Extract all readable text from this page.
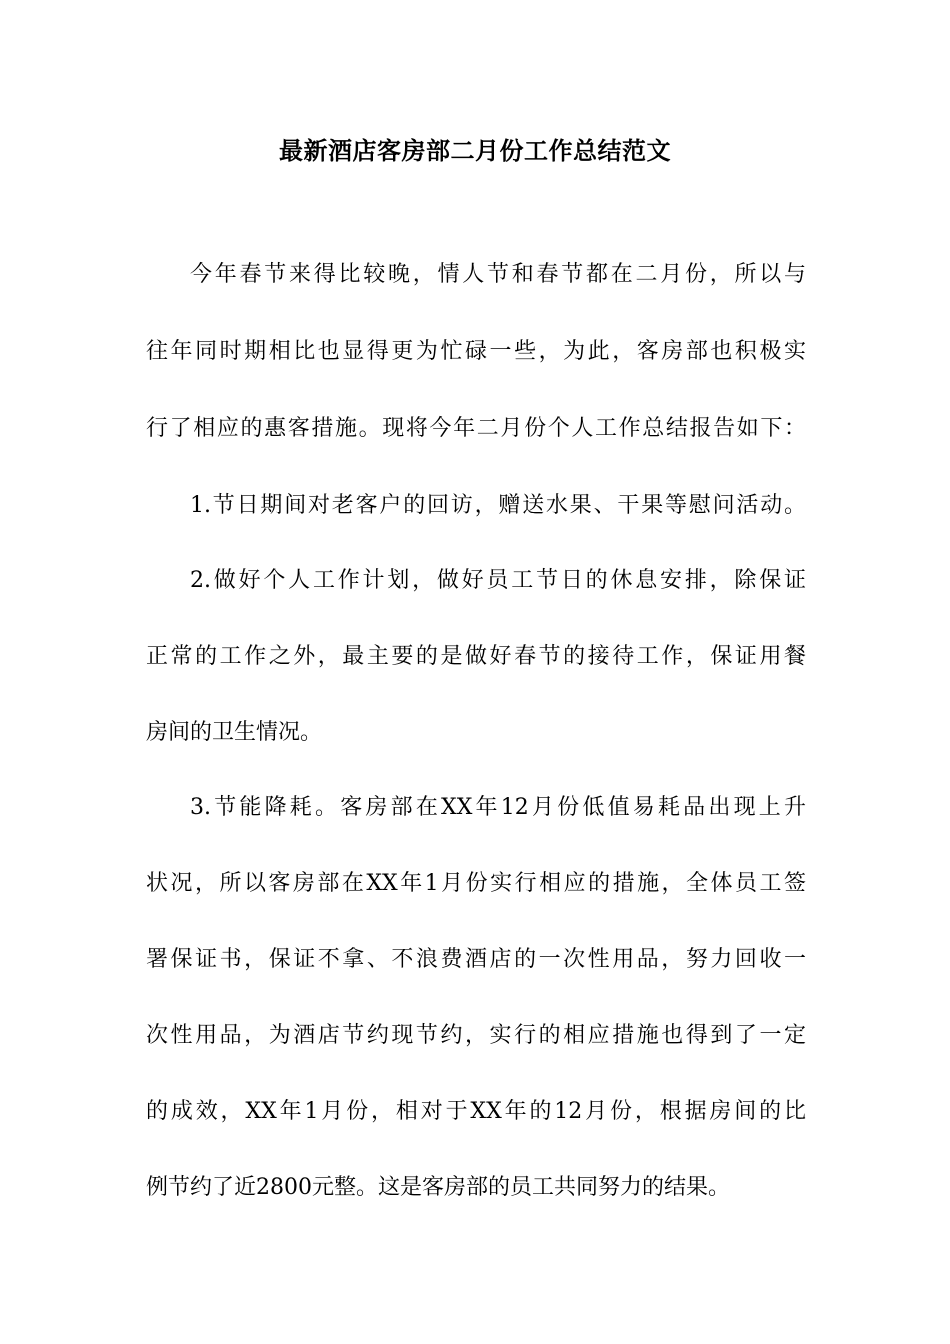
最新酒店客房部二月份工作总结范文
今年春节来得比较晚，情人节和春节都在二月份，所以与
往年同时期相比也显得更为忙碌一些，为此，客房部也积极实
行了相应的惠客措施。现将今年二月份个人工作总结报告如下：
1.节日期间对老客户的回访，赠送水果、干果等慰问活动。
2.做好个人工作计划，做好员工节日的休息安排，除保证
正常的工作之外，最主要的是做好春节的接待工作，保证用餐
房间的卫生情况。
3.节能降耗。客房部在XX年12月份低值易耗品出现上升
状况，所以客房部在XX年1月份实行相应的措施，全体员工签
署保证书，保证不拿、不浪费酒店的一次性用品，努力回收一
次性用品，为酒店节约现节约，实行的相应措施也得到了一定
的成效，XX年1月份，相对于XX年的12月份，根据房间的比
例节约了近2800元整。这是客房部的员工共同努力的结果。
